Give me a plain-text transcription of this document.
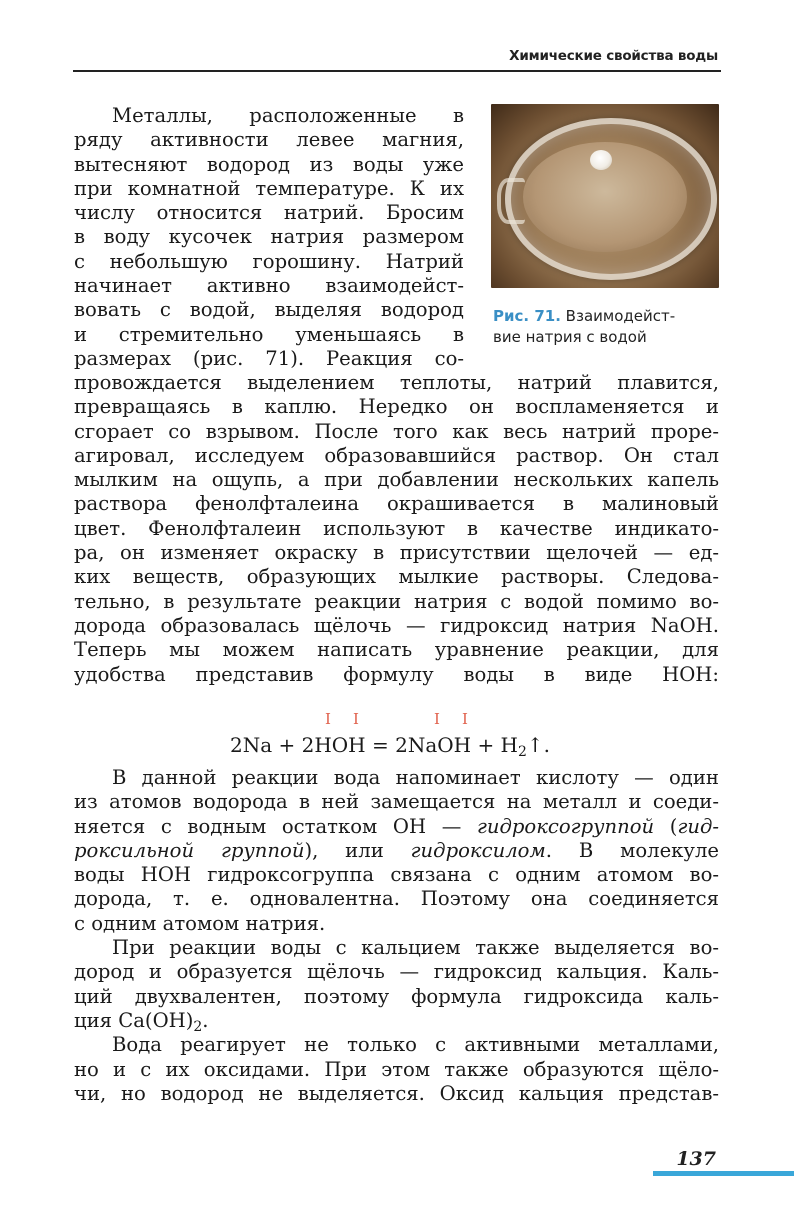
Химические свойства воды
Рис. 71. Взаимодейст-
вие натрия с водой
Металлы, расположенные в
ряду активности левее магния,
вытесняют водород из воды уже
при комнатной температуре. К их
числу относится натрий. Бросим
в воду кусочек натрия размером
с небольшую горошину. Натрий
начинает активно взаимодейст-
вовать с водой, выделяя водород
и стремительно уменьшаясь в
размерах (рис. 71). Реакция со-
провождается выделением теплоты, натрий плавится,
превращаясь в каплю. Нередко он воспламеняется и
сгорает со взрывом. После того как весь натрий проре-
агировал, исследуем образовавшийся раствор. Он стал
мылким на ощупь, а при добавлении нескольких капель
раствора фенолфталеина окрашивается в малиновый
цвет. Фенолфталеин используют в качестве индикато-
ра, он изменяет окраску в присутствии щелочей — ед-
ких веществ, образующих мылкие растворы. Следова-
тельно, в результате реакции натрия с водой помимо во-
дорода образовалась щёлочь — гидроксид натрия NaOH.
Теперь мы можем написать уравнение реакции, для
удобства представив формулу воды в виде HOH:
I I	I I
2Na + 2HOH = 2NaOH + $H_2↑$.
В данной реакции вода напоминает кислоту — один
из атомов водорода в ней замещается на металл и соеди-
няется с водным остатком OH — гидроксогруппой (гид-
роксильной группой), или гидроксилом. В молекуле
воды HOH гидроксогруппа связана с одним атомом во-
дорода, т. е. одновалентна. Поэтому она соединяется
с одним атомом натрия.
При реакции воды с кальцием также выделяется во-
дород и образуется щёлочь — гидроксид кальция. Каль-
ций двухвалентен, поэтому формула гидроксида каль-
ция $Ca(OH)_2$.
Вода реагирует не только с активными металлами,
но и с их оксидами. При этом также образуются щёло-
чи, но водород не выделяется. Оксид кальция представ-
137
